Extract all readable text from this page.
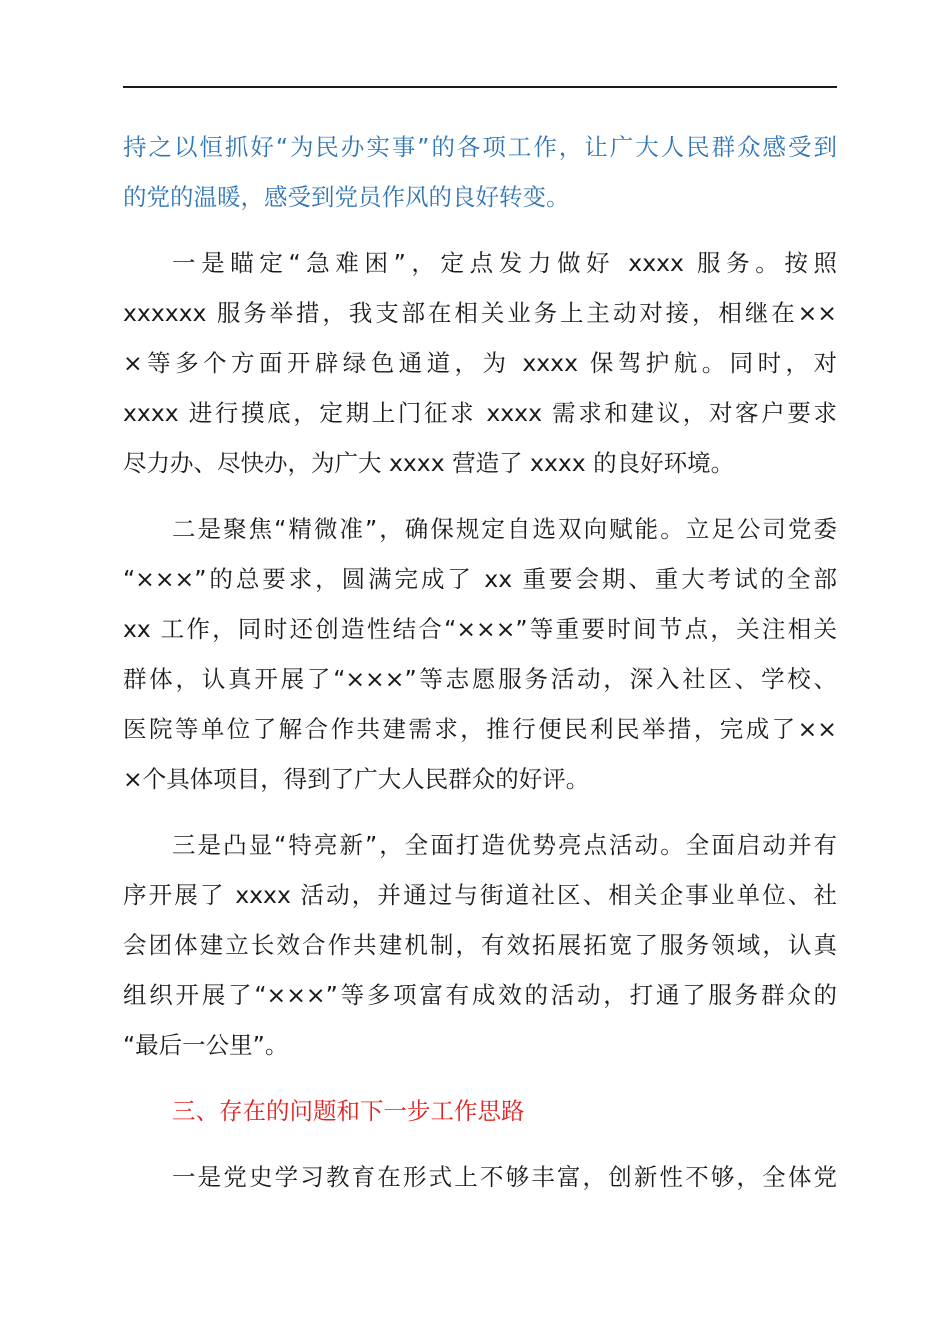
持之以恒抓好“为民办实事”的各项工作，让广大人民群众感受到
的党的温暖，感受到党员作风的良好转变。
一是瞄定“急难困”，定点发力做好 xxxx 服务。按照
xxxxxx 服务举措，我支部在相关业务上主动对接，相继在××
×等多个方面开辟绿色通道，为 xxxx 保驾护航。同时，对
xxxx 进行摸底，定期上门征求 xxxx 需求和建议，对客户要求
尽力办、尽快办，为广大 xxxx 营造了 xxxx 的良好环境。
二是聚焦“精微准”，确保规定自选双向赋能。立足公司党委
“×××”的总要求，圆满完成了 xx 重要会期、重大考试的全部
xx 工作，同时还创造性结合“×××”等重要时间节点，关注相关
群体，认真开展了“×××”等志愿服务活动，深入社区、学校、
医院等单位了解合作共建需求，推行便民利民举措，完成了××
×个具体项目，得到了广大人民群众的好评。
三是凸显“特亮新”，全面打造优势亮点活动。全面启动并有
序开展了 xxxx 活动，并通过与街道社区、相关企事业单位、社
会团体建立长效合作共建机制，有效拓展拓宽了服务领域，认真
组织开展了“×××”等多项富有成效的活动，打通了服务群众的
“最后一公里”。
三、存在的问题和下一步工作思路
一是党史学习教育在形式上不够丰富，创新性不够，全体党
